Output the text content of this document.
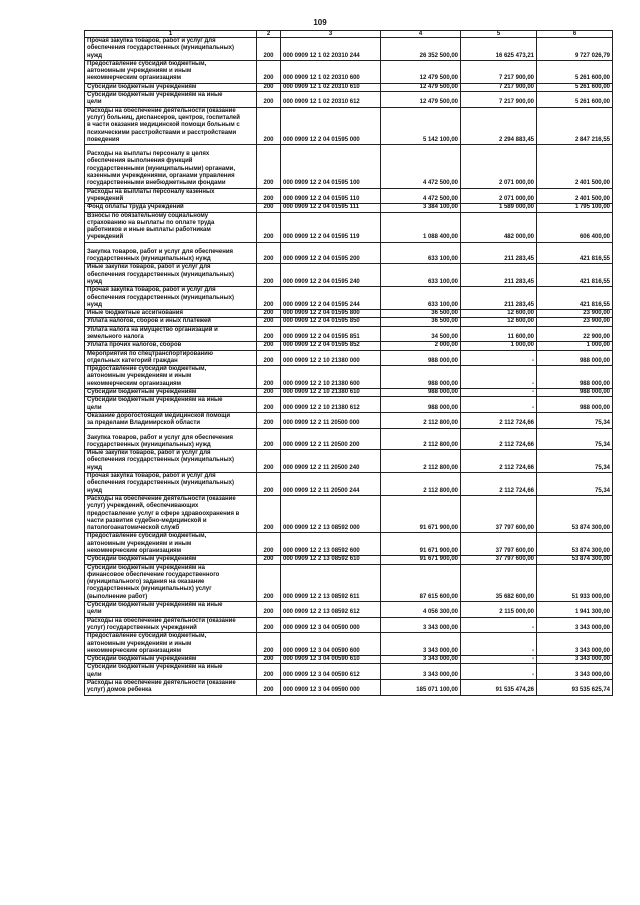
109
1	2	3	4	5	6
Прочая закупка товаров, работ и услуг для
обеспечения государственных (муниципальных)
нужд	200	000 0909 12 1 02 20310 244	26 352 500,00	16 625 473,21	9 727 026,79
Предоставление субсидий бюджетным,
автономным учреждениям и иным
некоммерческим организациям	200	000 0909 12 1 02 20310 600	12 479 500,00	7 217 900,00	5 261 600,00
Субсидии бюджетным учреждениям	200	000 0909 12 1 02 20310 610	12 479 500,00	7 217 900,00	5 261 600,00
Субсидии бюджетным учреждениям на иные
цели	200	000 0909 12 1 02 20310 612	12 479 500,00	7 217 900,00	5 261 600,00
Расходы на обеспечение деятельности (оказание
услуг) больниц, диспансеров, центров, госпиталей
в части оказания медицинской помощи больным с
психическими расстройствами и расстройствами
поведения	200	000 0909 12 2 04 01595 000	5 142 100,00	2 294 883,45	2 847 216,55
Расходы на выплаты персоналу в целях
обеспечения выполнения функций
государственными (муниципальными) органами,
казенными учреждениями, органами управления
государственными внебюджетными фондами	200	000 0909 12 2 04 01595 100	4 472 500,00	2 071 000,00	2 401 500,00
Расходы на выплаты персоналу казенных
учреждений	200	000 0909 12 2 04 01595 110	4 472 500,00	2 071 000,00	2 401 500,00
Фонд оплаты труда учреждений	200	000 0909 12 2 04 01595 111	3 384 100,00	1 589 000,00	1 795 100,00
Взносы по обязательному социальному
страхованию на выплаты по оплате труда
работников и иные выплаты работникам
учреждений	200	000 0909 12 2 04 01595 119	1 088 400,00	482 000,00	606 400,00
Закупка товаров, работ и услуг для обеспечения
государственных (муниципальных) нужд	200	000 0909 12 2 04 01595 200	633 100,00	211 283,45	421 816,55
Иные закупки товаров, работ и услуг для
обеспечения государственных (муниципальных)
нужд	200	000 0909 12 2 04 01595 240	633 100,00	211 283,45	421 816,55
Прочая закупка товаров, работ и услуг для
обеспечения государственных (муниципальных)
нужд	200	000 0909 12 2 04 01595 244	633 100,00	211 283,45	421 816,55
Иные бюджетные ассигнования	200	000 0909 12 2 04 01595 800	36 500,00	12 600,00	23 900,00
Уплата налогов, сборов и иных платежей	200	000 0909 12 2 04 01595 850	36 500,00	12 600,00	23 900,00
Уплата налога на имущество организаций и
земельного налога	200	000 0909 12 2 04 01595 851	34 500,00	11 600,00	22 900,00
Уплата прочих налогов, сборов	200	000 0909 12 2 04 01595 852	2 000,00	1 000,00	1 000,00
Мероприятия по спецтранспортированию
отдельных категорий граждан	200	000 0909 12 2 10 21380 000	988 000,00	-	988 000,00
Предоставление субсидий бюджетным,
автономным учреждениям и иным
некоммерческим организациям	200	000 0909 12 2 10 21380 600	988 000,00	-	988 000,00
Субсидии бюджетным учреждениям	200	000 0909 12 2 10 21380 610	988 000,00	-	988 000,00
Субсидии бюджетным учреждениям на иные
цели	200	000 0909 12 2 10 21380 612	988 000,00	-	988 000,00
Оказание дорогостоящей медицинской помощи
за пределами Владимирской области	200	000 0909 12 2 11 20500 000	2 112 800,00	2 112 724,66	75,34
Закупка товаров, работ и услуг для обеспечения
государственных (муниципальных) нужд	200	000 0909 12 2 11 20500 200	2 112 800,00	2 112 724,66	75,34
Иные закупки товаров, работ и услуг для
обеспечения государственных (муниципальных)
нужд	200	000 0909 12 2 11 20500 240	2 112 800,00	2 112 724,66	75,34
Прочая закупка товаров, работ и услуг для
обеспечения государственных (муниципальных)
нужд	200	000 0909 12 2 11 20500 244	2 112 800,00	2 112 724,66	75,34
Расходы на обеспечение деятельности (оказание
услуг) учреждений, обеспечивающих
предоставление услуг в сфере здравоохранения в
части развития судебно-медицинской и
патологоанатомической служб	200	000 0909 12 2 13 08592 000	91 671 900,00	37 797 600,00	53 874 300,00
Предоставление субсидий бюджетным,
автономным учреждениям и иным
некоммерческим организациям	200	000 0909 12 2 13 08592 600	91 671 900,00	37 797 600,00	53 874 300,00
Субсидии бюджетным учреждениям	200	000 0909 12 2 13 08592 610	91 671 900,00	37 797 600,00	53 874 300,00
Субсидии бюджетным учреждениям на
финансовое обеспечение государственного
(муниципального) задания на оказание
государственных (муниципальных) услуг
(выполнение работ)	200	000 0909 12 2 13 08592 611	87 615 600,00	35 682 600,00	51 933 000,00
Субсидии бюджетным учреждениям на иные
цели	200	000 0909 12 2 13 08592 612	4 056 300,00	2 115 000,00	1 941 300,00
Расходы на обеспечение деятельности (оказание
услуг) государственных учреждений	200	000 0909 12 3 04 00590 000	3 343 000,00	-	3 343 000,00
Предоставление субсидий бюджетным,
автономным учреждениям и иным
некоммерческим организациям	200	000 0909 12 3 04 00590 600	3 343 000,00	-	3 343 000,00
Субсидии бюджетным учреждениям	200	000 0909 12 3 04 00590 610	3 343 000,00	-	3 343 000,00
Субсидии бюджетным учреждениям на иные
цели	200	000 0909 12 3 04 00590 612	3 343 000,00	-	3 343 000,00
Расходы на обеспечение деятельности (оказание
услуг) домов ребенка	200	000 0909 12 3 04 09590 000	185 071 100,00	91 535 474,26	93 535 625,74
